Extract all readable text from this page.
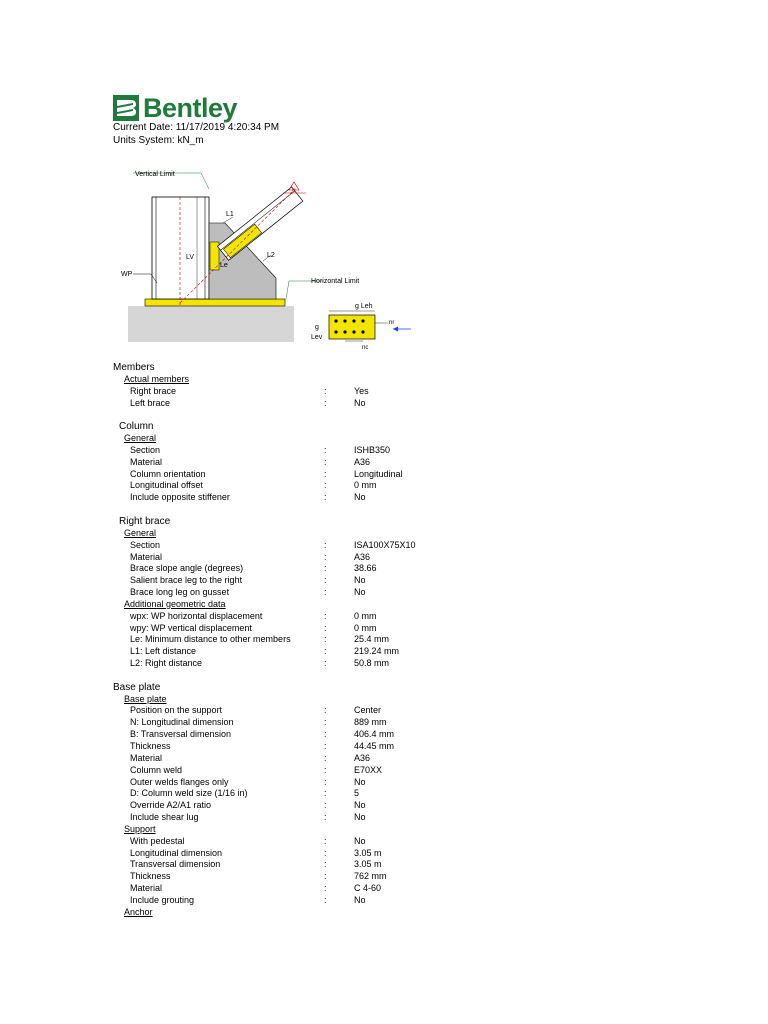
Bentley
Current Date: 11/17/2019 4:20:34 PM
Units System: kN_m
α
Vertical Limit
LV
WP
Le
L1
L2
Horizontal Limit
g Leh
g
Lev
nr
nc
Members
Actual members
Right brace	:	Yes
Left brace	:	No
Column
General
Section	:	ISHB350
Material	:	A36
Column orientation	:	Longitudinal
Longitudinal offset	:	0 mm
Include opposite stiffener	:	No
Right brace
General
Section	:	ISA100X75X10
Material	:	A36
Brace slope angle (degrees)	:	38.66
Salient brace leg to the right	:	No
Brace long leg on gusset	:	No
Additional geometric data
wpx: WP horizontal displacement	:	0 mm
wpy: WP vertical displacement	:	0 mm
Le: Minimum distance to other members	:	25.4 mm
L1: Left distance	:	219.24 mm
L2: Right distance	:	50.8 mm
Base plate
Base plate
Position on the support	:	Center
N: Longitudinal dimension	:	889 mm
B: Transversal dimension	:	406.4 mm
Thickness	:	44.45 mm
Material	:	A36
Column weld	:	E70XX
Outer welds flanges only	:	No
D: Column weld size (1/16 in)	:	5
Override A2/A1 ratio	:	No
Include shear lug	:	No
Support
With pedestal	:	No
Longitudinal dimension	:	3.05 m
Transversal dimension	:	3.05 m
Thickness	:	762 mm
Material	:	C 4-60
Include grouting	:	No
Anchor
